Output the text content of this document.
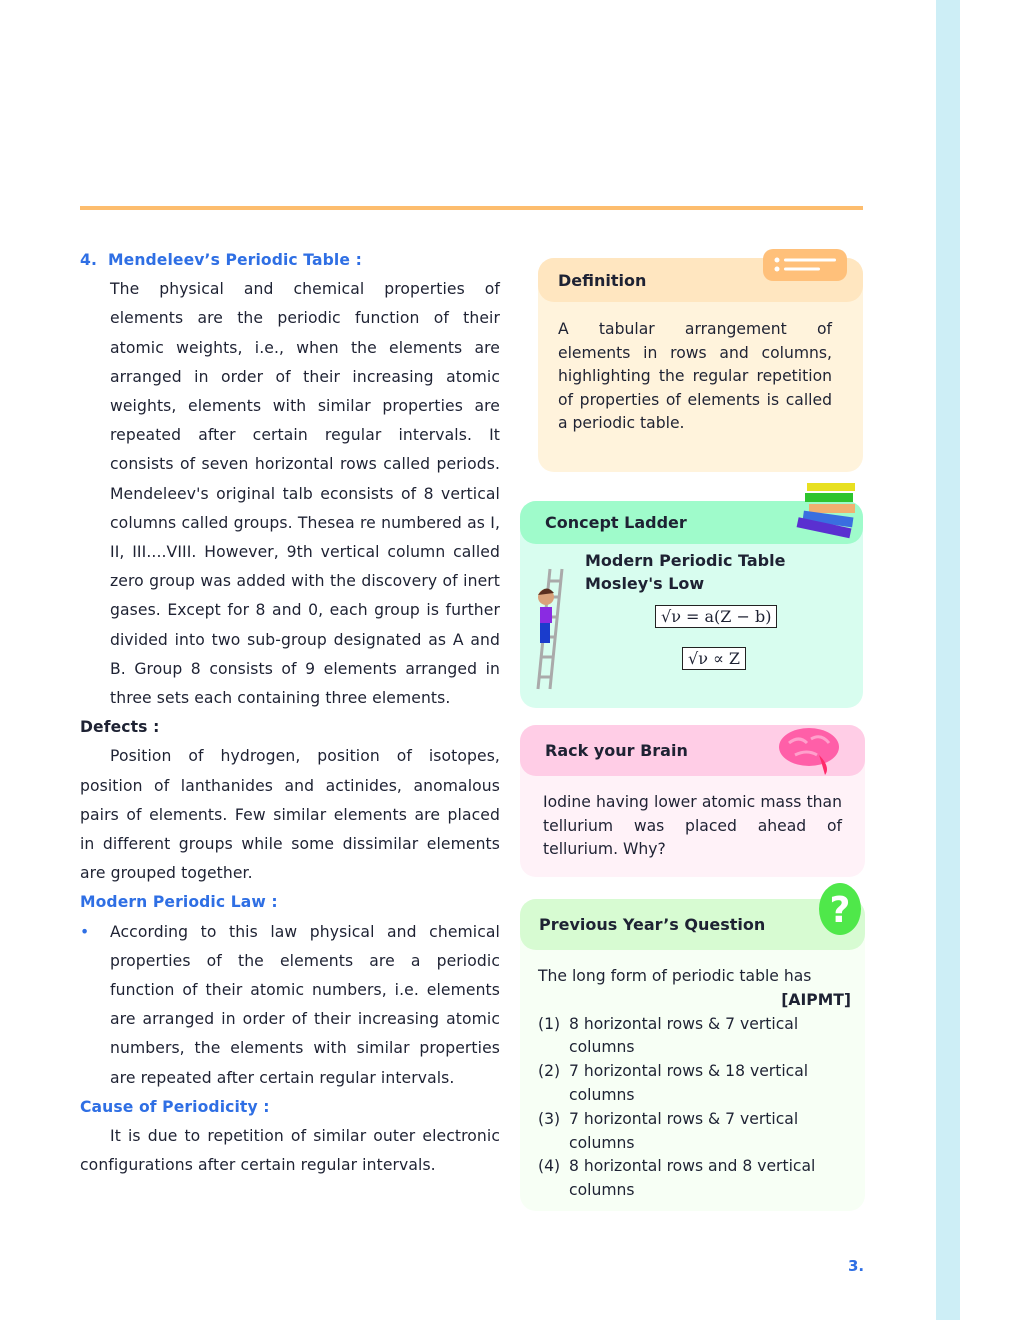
4. Mendeleev’s Periodic Table :

The physical and chemical properties of elements are the periodic function of their atomic weights, i.e., when the elements are arranged in order of their increasing atomic weights, elements with similar properties are repeated after certain regular intervals. It consists of seven horizontal rows called periods. Mendeleev's original talb econsists of 8 vertical columns called groups. Thesea re numbered as I, II, III....VIII. However, 9th vertical column called zero group was added with the discovery of inert gases. Except for 8 and 0, each group is further divided into two sub-group designated as A and B. Group 8 consists of 9 elements arranged in three sets each containing three elements.

Defects :

Position of hydrogen, position of isotopes, position of lanthanides and actinides, anomalous pairs of elements. Few similar elements are placed in different groups while some dissimilar elements are grouped together.

Modern Periodic Law :
•	According to this law physical and chemical properties of the elements are a periodic function of their atomic numbers, i.e. elements are arranged in order of their increasing atomic numbers, the elements with similar properties are repeated after certain regular intervals.

Cause of Periodicity :

It is due to repetition of similar outer electronic configurations after certain regular intervals.

Definition

A tabular arrangement of elements in rows and columns, highlighting the regular repetition of properties of elements is called a periodic table.

Concept Ladder
Modern Periodic Table
Mosley's Low
√ν = a(Z − b)
√ν ∝ Z
Rack your Brain

Iodine having lower atomic mass than tellurium was placed ahead of tellurium. Why?

Previous Year’s Question ?
The long form of periodic table has
[AIPMT]
(1) 8 horizontal rows & 7 vertical columns
(2) 7 horizontal rows & 18 vertical columns
(3) 7 horizontal rows & 7 vertical columns
(4) 8 horizontal rows and 8 vertical columns
3.
